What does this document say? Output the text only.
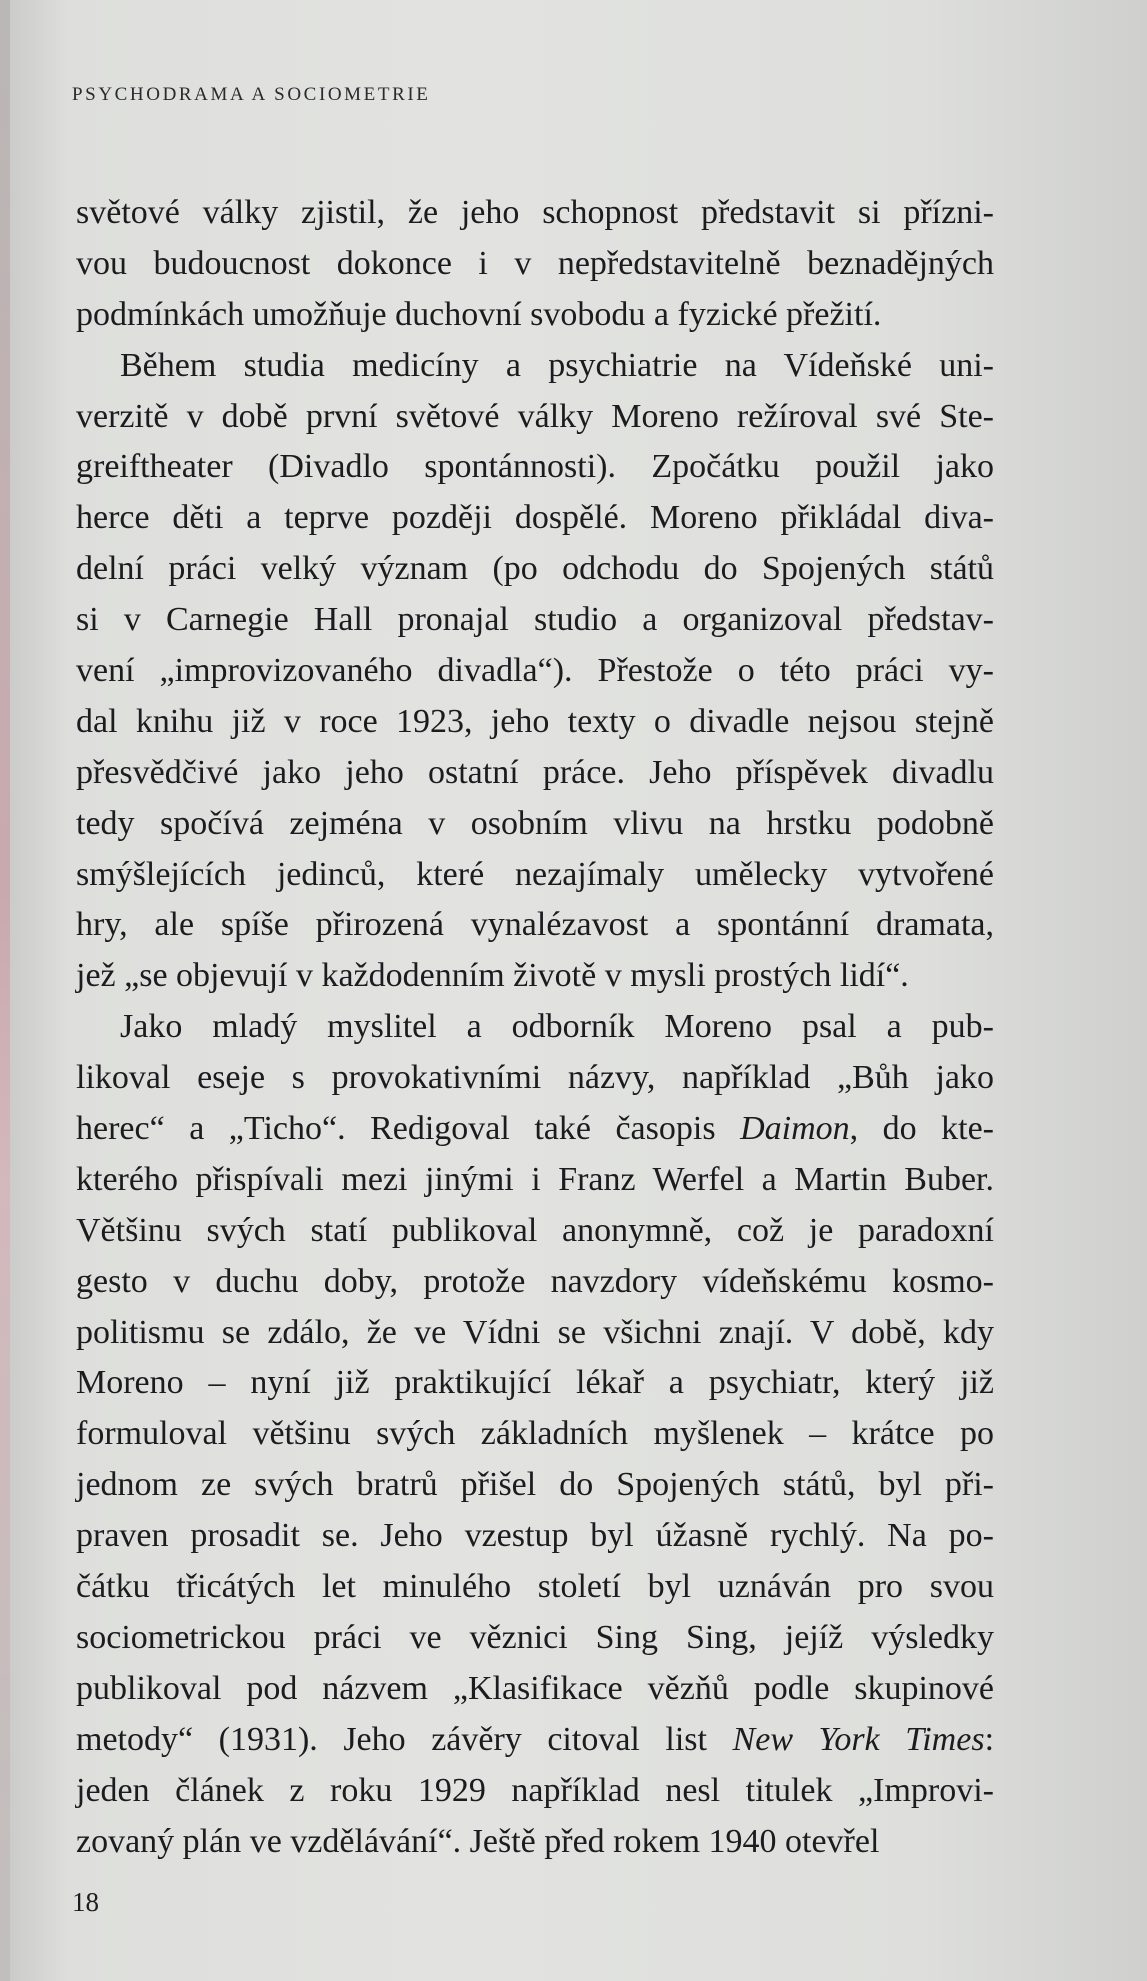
PSYCHODRAMA A SOCIOMETRIE
světové války zjistil, že jeho schopnost představit si přízni-
vou budoucnost dokonce i v nepředstavitelně beznadějných
podmínkách umožňuje duchovní svobodu a fyzické přežití.
Během studia medicíny a psychiatrie na Vídeňské uni-
verzitě v době první světové války Moreno režíroval své Ste-
greiftheater (Divadlo spontánnosti). Zpočátku použil jako
herce děti a teprve později dospělé. Moreno přikládal diva-
delní práci velký význam (po odchodu do Spojených států
si v Carnegie Hall pronajal studio a organizoval představ-
vení „improvizovaného divadla“). Přestože o této práci vy-
dal knihu již v roce 1923, jeho texty o divadle nejsou stejně
přesvědčivé jako jeho ostatní práce. Jeho příspěvek divadlu
tedy spočívá zejména v osobním vlivu na hrstku podobně
smýšlejících jedinců, které nezajímaly umělecky vytvořené
hry, ale spíše přirozená vynalézavost a spontánní dramata,
jež „se objevují v každodenním životě v mysli prostých lidí“.
Jako mladý myslitel a odborník Moreno psal a pub-
likoval eseje s provokativními názvy, například „Bůh jako
herec“ a „Ticho“. Redigoval také časopis Daimon, do kte-
kterého přispívali mezi jinými i Franz Werfel a Martin Buber.
Většinu svých statí publikoval anonymně, což je paradoxní
gesto v duchu doby, protože navzdory vídeňskému kosmo-
politismu se zdálo, že ve Vídni se všichni znají. V době, kdy
Moreno – nyní již praktikující lékař a psychiatr, který již
formuloval většinu svých základních myšlenek – krátce po
jednom ze svých bratrů přišel do Spojených států, byl při-
praven prosadit se. Jeho vzestup byl úžasně rychlý. Na po-
čátku třicátých let minulého století byl uznáván pro svou
sociometrickou práci ve věznici Sing Sing, jejíž výsledky
publikoval pod názvem „Klasifikace vězňů podle skupinové
metody“ (1931). Jeho závěry citoval list New York Times:
jeden článek z roku 1929 například nesl titulek „Improvi-
zovaný plán ve vzdělávání“. Ještě před rokem 1940 otevřel
18
